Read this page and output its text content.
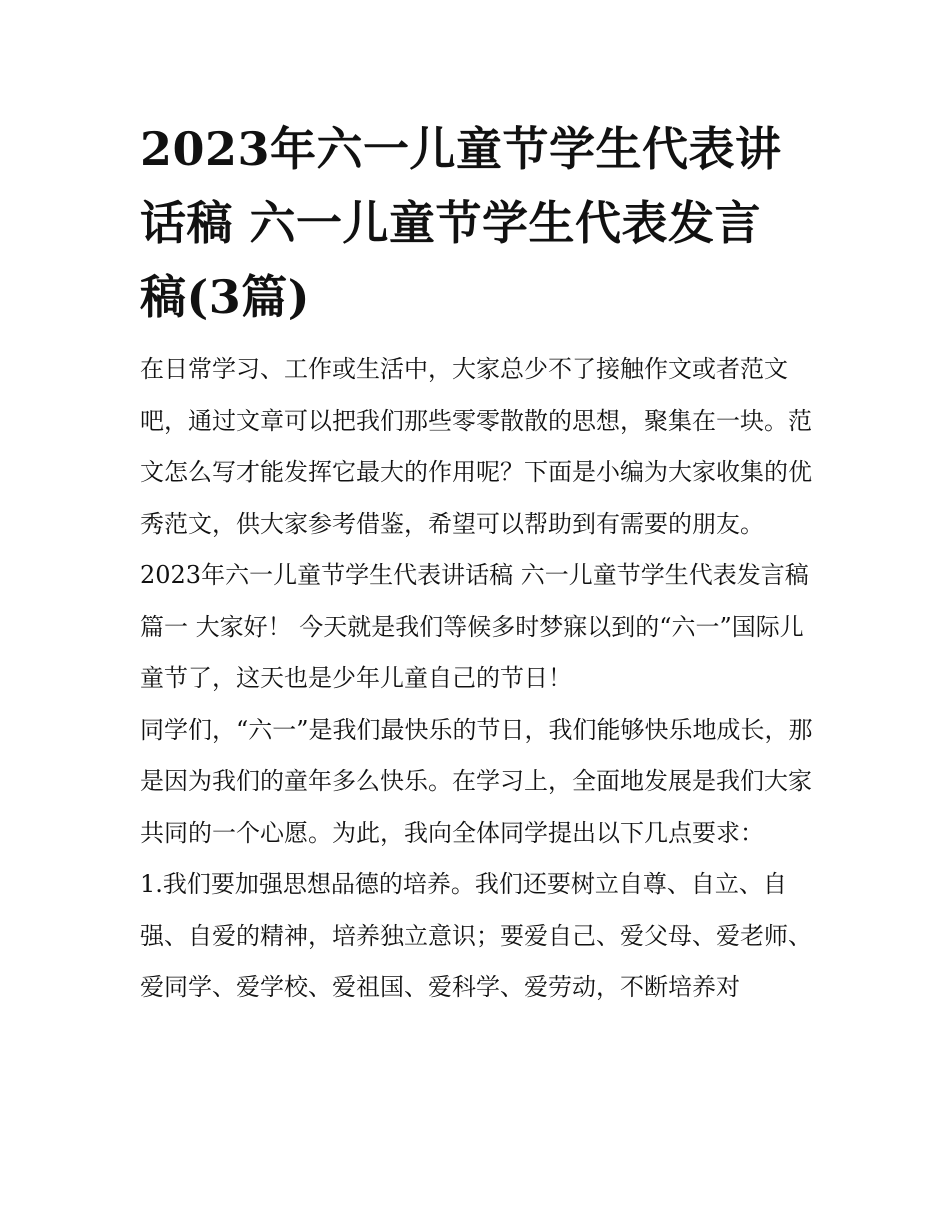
2023年六一儿童节学生代表讲话稿 六一儿童节学生代表发言稿(3篇)

在日常学习、工作或生活中，大家总少不了接触作文或者范文吧，通过文章可以把我们那些零零散散的思想，聚集在一块。范文怎么写才能发挥它最大的作用呢？下面是小编为大家收集的优秀范文，供大家参考借鉴，希望可以帮助到有需要的朋友。

2023年六一儿童节学生代表讲话稿 六一儿童节学生代表发言稿篇一 大家好！ 今天就是我们等候多时梦寐以到的“六一”国际儿童节了，这天也是少年儿童自己的节日！

同学们，“六一”是我们最快乐的节日，我们能够快乐地成长，那是因为我们的童年多么快乐。在学习上，全面地发展是我们大家共同的一个心愿。为此，我向全体同学提出以下几点要求：

1.我们要加强思想品德的培养。我们还要树立自尊、自立、自强、自爱的精神，培养独立意识；要爱自己、爱父母、爱老师、爱同学、爱学校、爱祖国、爱科学、爱劳动，不断培养对
